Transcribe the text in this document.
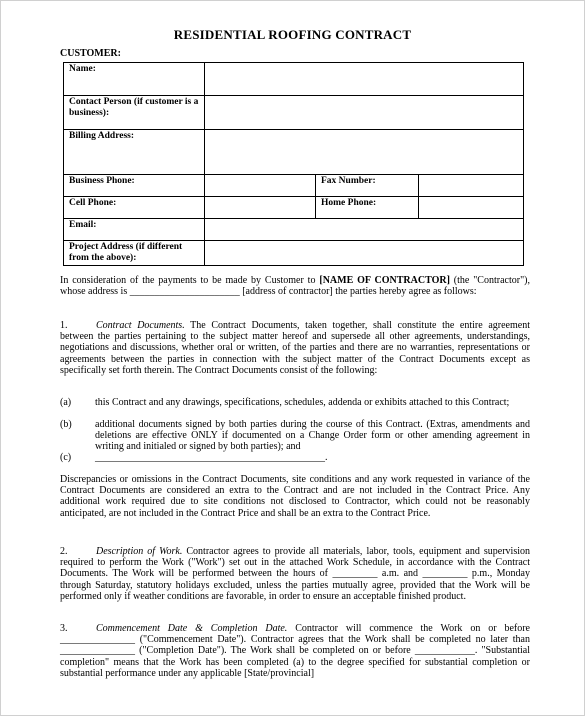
RESIDENTIAL ROOFING CONTRACT
CUSTOMER:
Name:			
Contact Person (if customer is a business):			
Billing Address:			
Business Phone:		Fax Number:	
Cell Phone:		Home Phone:	
Email:			
Project Address (if different from the above):			
In consideration of the payments to be made by Customer to [NAME OF CONTRACTOR] (the "Contractor"), whose address is ______________________ [address of contractor] the parties hereby agree as follows:
1.	Contract Documents. The Contract Documents, taken together, shall constitute the entire agreement between the parties pertaining to the subject matter hereof and supersede all other agreements, understandings, negotiations and discussions, whether oral or written, of the parties and there are no warranties, representations or agreements between the parties in connection with the subject matter of the Contract Documents except as specifically set forth therein. The Contract Documents consist of the following:
(a) this Contract and any drawings, specifications, schedules, addenda or exhibits attached to this Contract;
(b) additional documents signed by both parties during the course of this Contract. (Extras, amendments and deletions are effective ONLY if documented on a Change Order form or other amending agreement in writing and initialed or signed by both parties); and
(c) ______________________________________________.
Discrepancies or omissions in the Contract Documents, site conditions and any work requested in variance of the Contract Documents are considered an extra to the Contract and are not included in the Contract Price. Any additional work required due to site conditions not disclosed to Contractor, which could not be reasonably anticipated, are not included in the Contract Price and shall be an extra to the Contract Price.
2.	Description of Work. Contractor agrees to provide all materials, labor, tools, equipment and supervision required to perform the Work ("Work") set out in the attached Work Schedule, in accordance with the Contract Documents. The Work will be performed between the hours of _________ a.m. and _________ p.m., Monday through Saturday, statutory holidays excluded, unless the parties mutually agree, provided that the Work will be performed only if weather conditions are favorable, in order to ensure an acceptable finished product.
3.	Commencement Date & Completion Date. Contractor will commence the Work on or before _______________ ("Commencement Date"). Contractor agrees that the Work shall be completed no later than _______________ ("Completion Date"). The Work shall be completed on or before ____________. "Substantial completion" means that the Work has been completed (a) to the degree specified for substantial completion or substantial performance under any applicable [State/provincial]
